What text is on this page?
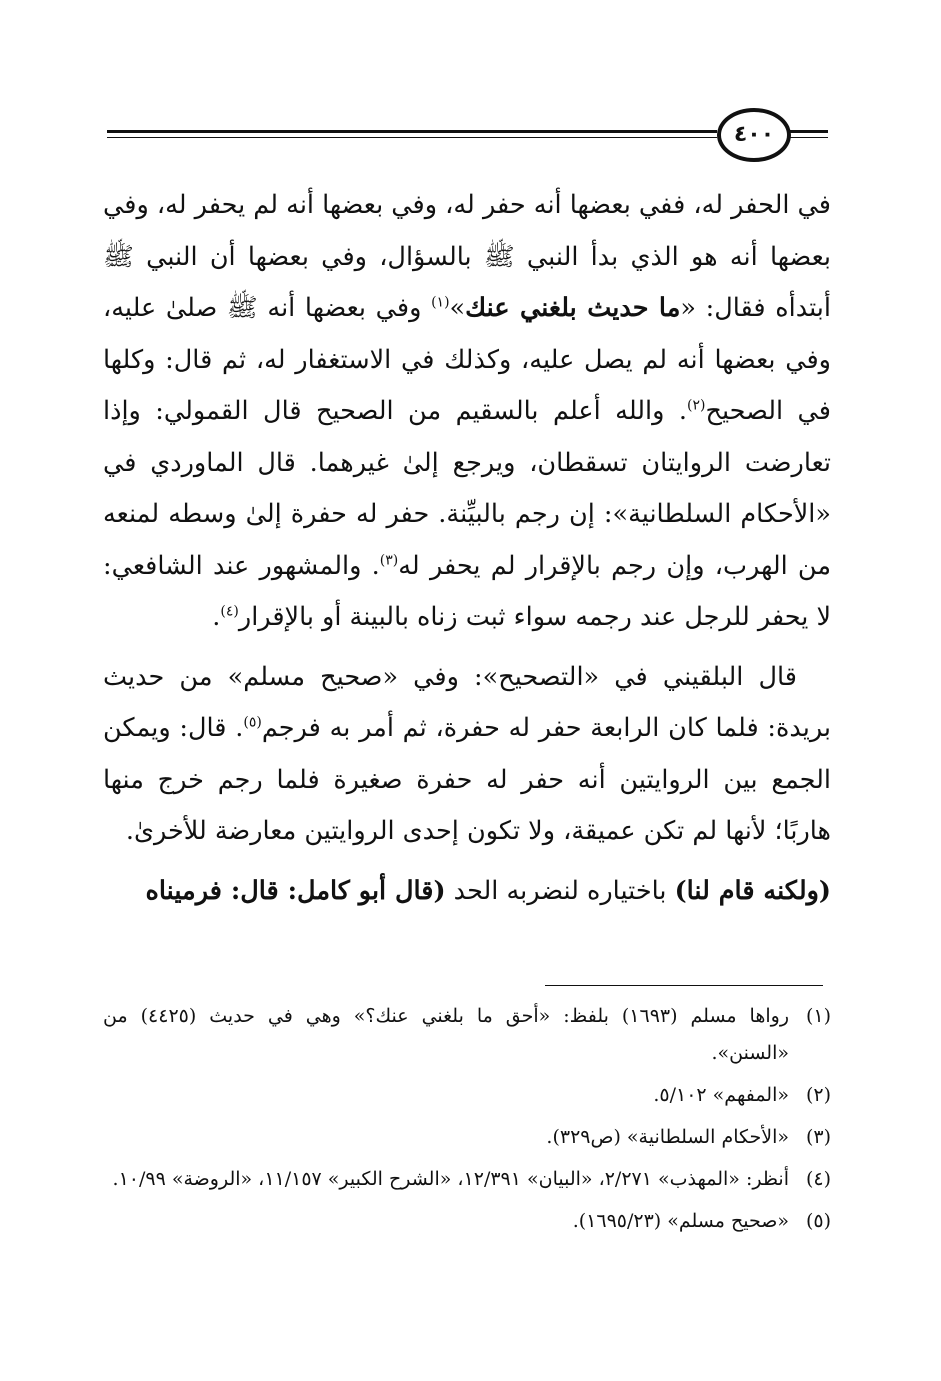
٤٠٠

في الحفر له، ففي بعضها أنه حفر له، وفي بعضها أنه لم يحفر له، وفي بعضها أنه هو الذي بدأ النبي ﷺ بالسؤال، وفي بعضها أن النبي ﷺ أبتدأه فقال: «ما حديث بلغني عنك»$^{(١)}$ وفي بعضها أنه ﷺ صلىٰ عليه، وفي بعضها أنه لم يصل عليه، وكذلك في الاستغفار له، ثم قال: وكلها في الصحيح$^{(٢)}$. والله أعلم بالسقيم من الصحيح قال القمولي: وإذا تعارضت الروايتان تسقطان، ويرجع إلىٰ غيرهما. قال الماوردي في «الأحكام السلطانية»: إن رجم بالبيِّنة. حفر له حفرة إلىٰ وسطه لمنعه من الهرب، وإن رجم بالإقرار لم يحفر له$^{(٣)}$. والمشهور عند الشافعي: لا يحفر للرجل عند رجمه سواء ثبت زناه بالبينة أو بالإقرار$^{(٤)}$.

قال البلقيني في «التصحيح»: وفي «صحيح مسلم» من حديث بريدة: فلما كان الرابعة حفر له حفرة، ثم أمر به فرجم$^{(٥)}$. قال: ويمكن الجمع بين الروايتين أنه حفر له حفرة صغيرة فلما رجم خرج منها هاربًا؛ لأنها لم تكن عميقة، ولا تكون إحدى الروايتين معارضة للأخرىٰ.

(ولكنه قام لنا) باختياره لنضربه الحد (قال أبو كامل: قال: فرميناه

(١)
رواها مسلم (١٦٩٣) بلفظ: «أحق ما بلغني عنك؟» وهي في حديث (٤٤٢٥) من «السنن».
(٢)
«المفهم» ٥/١٠٢.
(٣)
«الأحكام السلطانية» (ص٣٢٩).
(٤)
أنظر: «المهذب» ٢/٢٧١، «البيان» ١٢/٣٩١، «الشرح الكبير» ١١/١٥٧، «الروضة» ١٠/٩٩.
(٥)
«صحيح مسلم» (١٦٩٥/٢٣).
